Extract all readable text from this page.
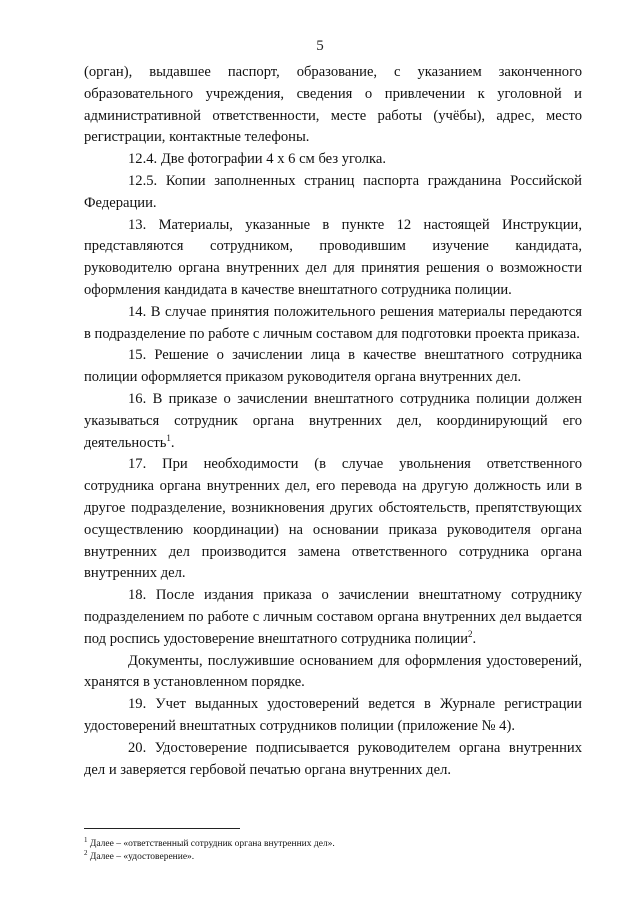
5

(орган), выдавшее паспорт, образование, с указанием законченного образовательного учреждения, сведения о привлечении к уголовной и административной ответственности, месте работы (учёбы), адрес, место регистрации, контактные телефоны.

12.4. Две фотографии 4 х 6 см без уголка.

12.5. Копии заполненных страниц паспорта гражданина Российской Федерации.

13. Материалы, указанные в пункте 12 настоящей Инструкции, представляются сотрудником, проводившим изучение кандидата, руководителю органа внутренних дел для принятия решения о возможности оформления кандидата в качестве внештатного сотрудника полиции.

14. В случае принятия положительного решения материалы передаются в подразделение по работе с личным составом для подготовки проекта приказа.

15. Решение о зачислении лица в качестве внештатного сотрудника полиции оформляется приказом руководителя органа внутренних дел.

16. В приказе о зачислении внештатного сотрудника полиции должен указываться сотрудник органа внутренних дел, координирующий его деятельность$^1$.

17. При необходимости (в случае увольнения ответственного сотрудника органа внутренних дел, его перевода на другую должность или в другое подразделение, возникновения других обстоятельств, препятствующих осуществлению координации) на основании приказа руководителя органа внутренних дел производится замена ответственного сотрудника органа внутренних дел.

18. После издания приказа о зачислении внештатному сотруднику подразделением по работе с личным составом органа внутренних дел выдается под роспись удостоверение внештатного сотрудника полиции$^2$.

Документы, послужившие основанием для оформления удостоверений, хранятся в установленном порядке.

19. Учет выданных удостоверений ведется в Журнале регистрации удостоверений внештатных сотрудников полиции (приложение № 4).

20. Удостоверение подписывается руководителем органа внутренних дел и заверяется гербовой печатью органа внутренних дел.

$^1$ Далее – «ответственный сотрудник органа внутренних дел».
$^2$ Далее – «удостоверение».
